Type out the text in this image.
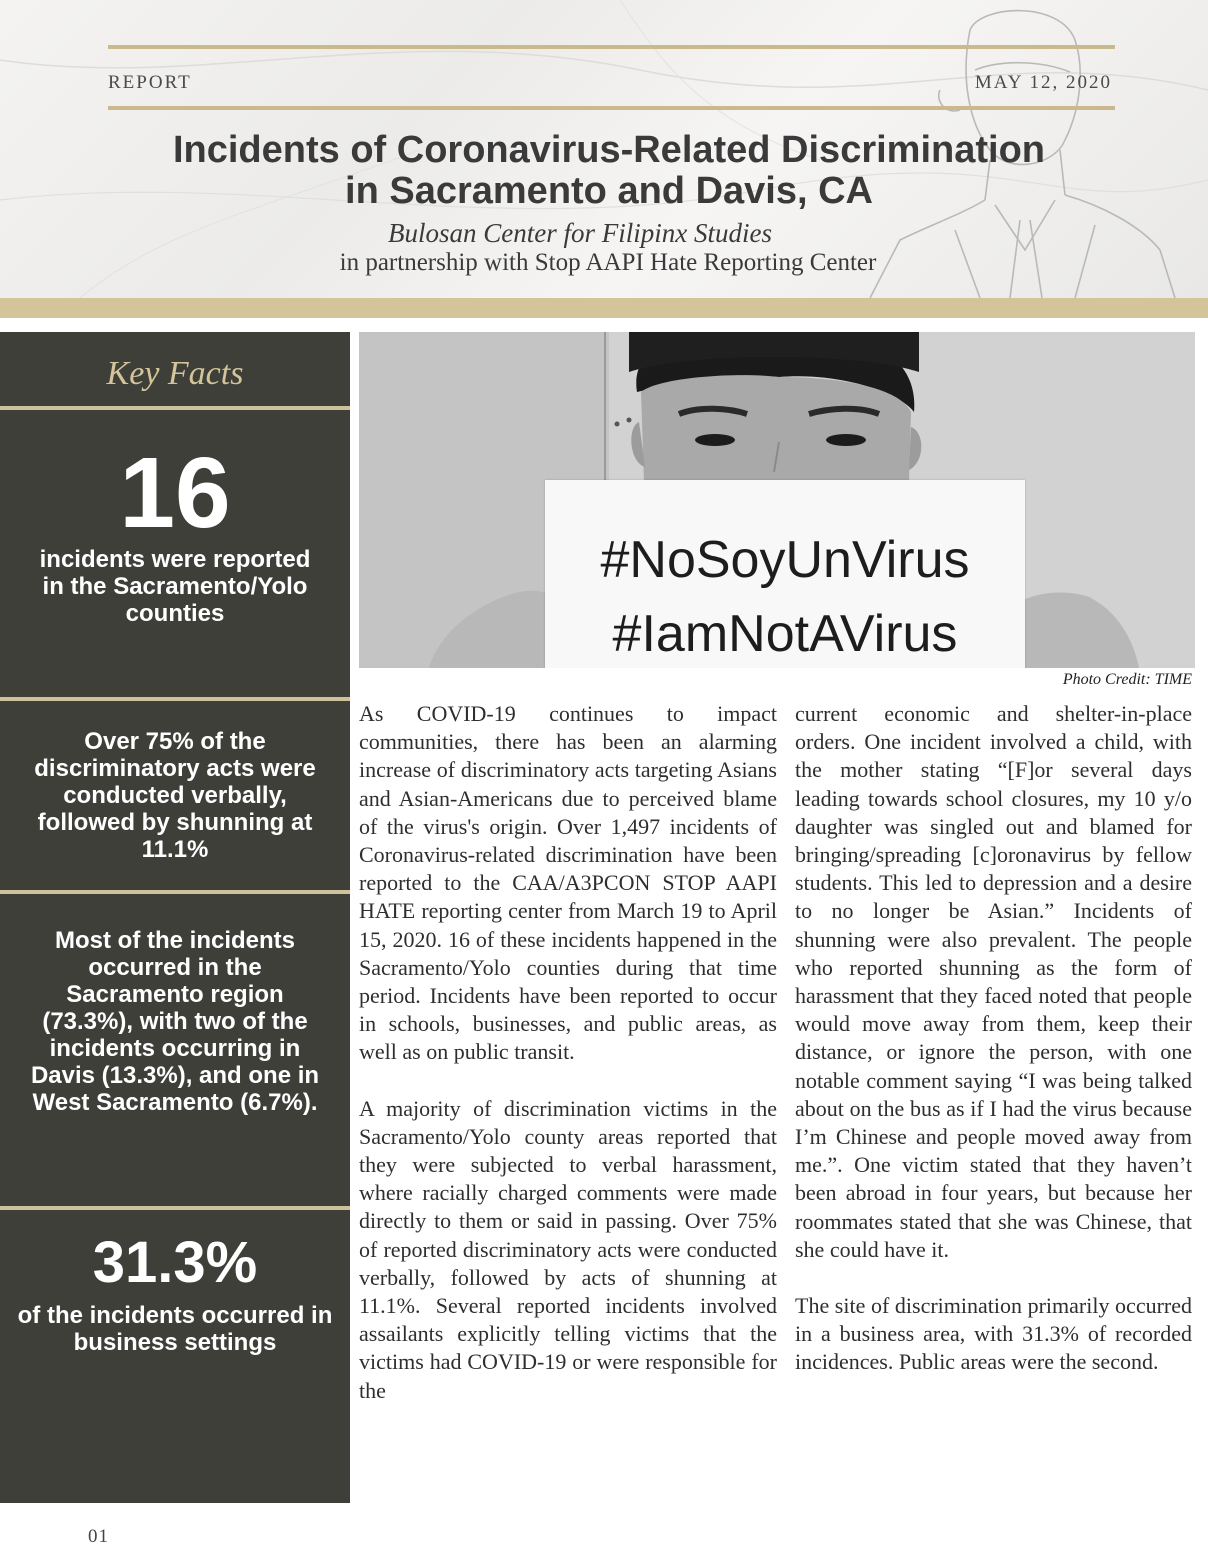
REPORT	MAY 12, 2020
Incidents of Coronavirus-Related Discrimination
in Sacramento and Davis, CA
Bulosan Center for Filipinx Studies
in partnership with Stop AAPI Hate Reporting Center
Key Facts
16
incidents were reported in the Sacramento/Yolo counties
Over 75% of the discriminatory acts were conducted verbally, followed by shunning at 11.1%
Most of the incidents occurred in the Sacramento region (73.3%), with two of the incidents occurring in Davis (13.3%), and one in West Sacramento (6.7%).
31.3%
of the incidents occurred in business settings
#NoSoyUnVirus
#IamNotAVirus
Photo Credit: TIME

As COVID-19 continues to impact communities, there has been an alarming increase of discriminatory acts targeting Asians and Asian-Americans due to perceived blame of the virus's origin. Over 1,497 incidents of Coronavirus-related discrimination have been reported to the CAA/A3PCON STOP AAPI HATE reporting center from March 19 to April 15, 2020. 16 of these incidents happened in the Sacramento/Yolo counties during that time period. Incidents have been reported to occur in schools, businesses, and public areas, as well as on public transit.

A majority of discrimination victims in the Sacramento/Yolo county areas reported that they were subjected to verbal harassment, where racially charged comments were made directly to them or said in passing. Over 75% of reported discriminatory acts were conducted verbally, followed by acts of shunning at 11.1%. Several reported incidents involved assailants explicitly telling victims that the victims had COVID-19 or were responsible for the

current economic and shelter-in-place orders. One incident involved a child, with the mother stating “[F]or several days leading towards school closures, my 10 y/o daughter was singled out and blamed for bringing/spreading [c]oronavirus by fellow students. This led to depression and a desire to no longer be Asian.” Incidents of shunning were also prevalent. The people who reported shunning as the form of harassment that they faced noted that people would move away from them, keep their distance, or ignore the person, with one notable comment saying “I was being talked about on the bus as if I had the virus because I’m Chinese and people moved away from me.”. One victim stated that they haven’t been abroad in four years, but because her roommates stated that she was Chinese, that she could have it.

The site of discrimination primarily occurred in a business area, with 31.3% of recorded incidences. Public areas were the second.

01
